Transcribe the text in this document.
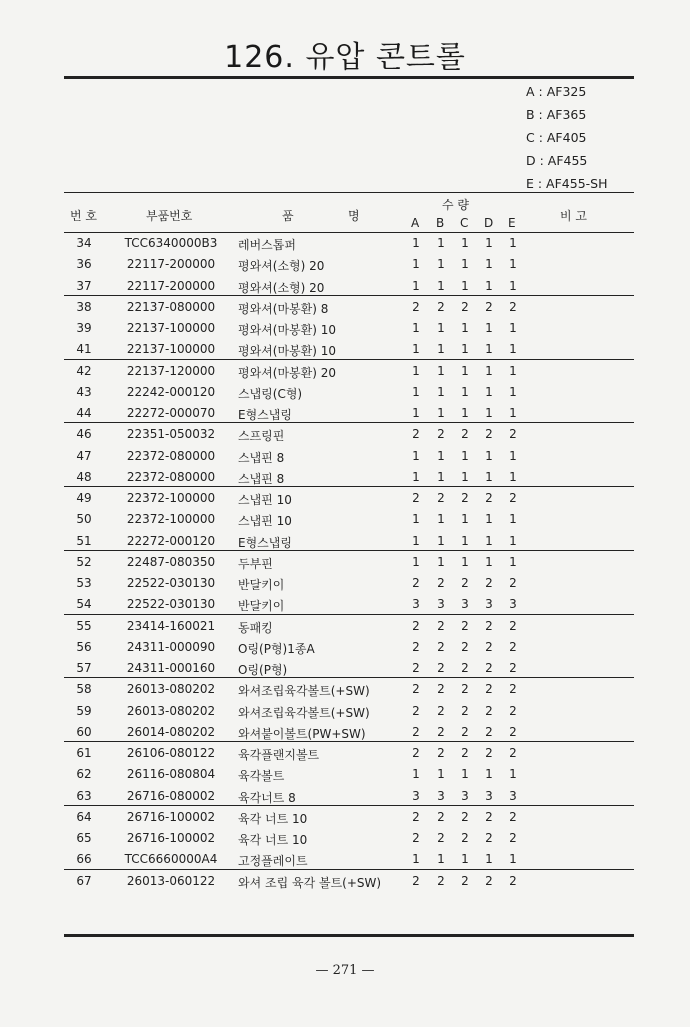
126. 유압 콘트롤
A : AF325
B : AF365
C : AF405
D : AF455
E : AF455-SH
번 호	부품번호	품	명
수 량
A B C D E	비 고
34	TCC6340000B3	레버스톱퍼	1 1 1 1 1
36	22117-200000	평와셔(소형) 20	1 1 1 1 1
37	22117-200000	평와셔(소형) 20	1 1 1 1 1
38	22137-080000	평와셔(마봉환) 8	2 2 2 2 2
39	22137-100000	평와셔(마봉환) 10	1 1 1 1 1
41	22137-100000	평와셔(마봉환) 10	1 1 1 1 1
42	22137-120000	평와셔(마봉환) 20	1 1 1 1 1
43	22242-000120	스냅링(C형)	1 1 1 1 1
44	22272-000070	E형스냅링	1 1 1 1 1
46	22351-050032	스프링핀	2 2 2 2 2
47	22372-080000	스냅핀 8	1 1 1 1 1
48	22372-080000	스냅핀 8	1 1 1 1 1
49	22372-100000	스냅핀 10	2 2 2 2 2
50	22372-100000	스냅핀 10	1 1 1 1 1
51	22272-000120	E형스냅링	1 1 1 1 1
52	22487-080350	두부핀	1 1 1 1 1
53	22522-030130	반달키이	2 2 2 2 2
54	22522-030130	반달키이	3 3 3 3 3
55	23414-160021	동패킹	2 2 2 2 2
56	24311-000090	O링(P형)1종A	2 2 2 2 2
57	24311-000160	O링(P형)	2 2 2 2 2
58	26013-080202	와셔조립육각볼트(+SW)	2 2 2 2 2
59	26013-080202	와셔조립육각볼트(+SW)	2 2 2 2 2
60	26014-080202	와셔붙이볼트(PW+SW)	2 2 2 2 2
61	26106-080122	육각플랜지볼트	2 2 2 2 2
62	26116-080804	육각볼트	1 1 1 1 1
63	26716-080002	육각너트 8	3 3 3 3 3
64	26716-100002	육각 너트 10	2 2 2 2 2
65	26716-100002	육각 너트 10	2 2 2 2 2
66	TCC6660000A4	고정플레이트	1 1 1 1 1
67	26013-060122	와셔 조립 육각 볼트(+SW)	2 2 2 2 2
— 271 —
